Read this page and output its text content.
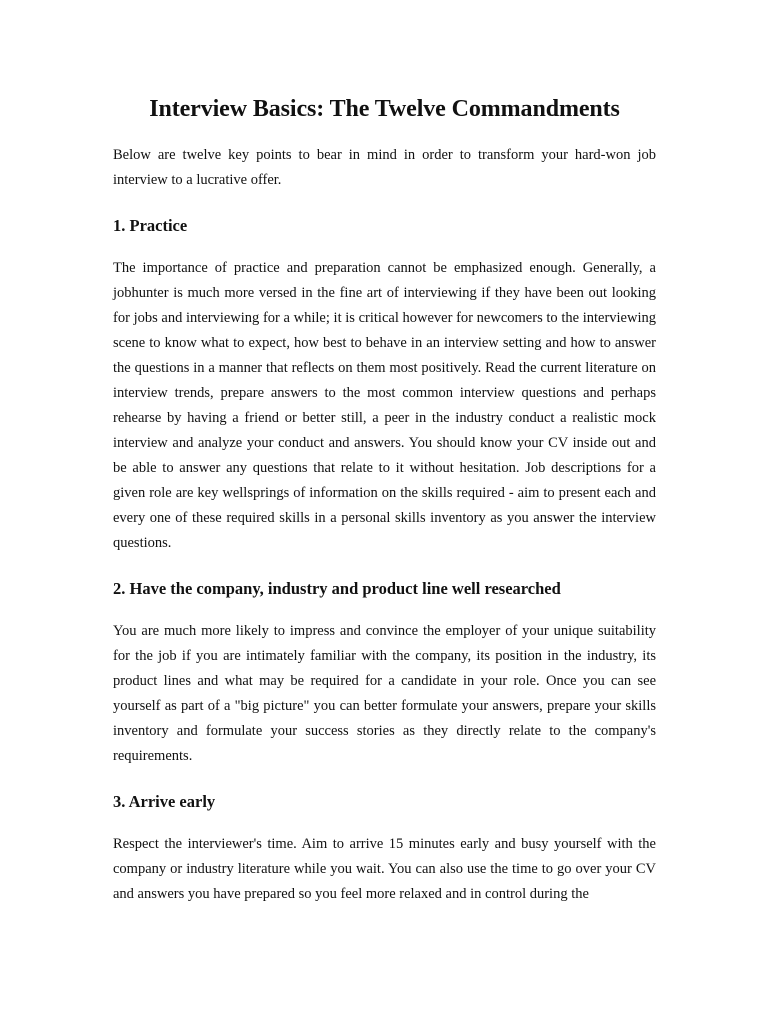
Interview Basics: The Twelve Commandments

Below are twelve key points to bear in mind in order to transform your hard-won job interview to a lucrative offer.

1. Practice

The importance of practice and preparation cannot be emphasized enough. Generally, a jobhunter is much more versed in the fine art of interviewing if they have been out looking for jobs and interviewing for a while; it is critical however for newcomers to the interviewing scene to know what to expect, how best to behave in an interview setting and how to answer the questions in a manner that reflects on them most positively. Read the current literature on interview trends, prepare answers to the most common interview questions and perhaps rehearse by having a friend or better still, a peer in the industry conduct a realistic mock interview and analyze your conduct and answers. You should know your CV inside out and be able to answer any questions that relate to it without hesitation. Job descriptions for a given role are key wellsprings of information on the skills required - aim to present each and every one of these required skills in a personal skills inventory as you answer the interview questions.

2. Have the company, industry and product line well researched

You are much more likely to impress and convince the employer of your unique suitability for the job if you are intimately familiar with the company, its position in the industry, its product lines and what may be required for a candidate in your role. Once you can see yourself as part of a "big picture" you can better formulate your answers, prepare your skills inventory and formulate your success stories as they directly relate to the company's requirements.

3. Arrive early

Respect the interviewer's time. Aim to arrive 15 minutes early and busy yourself with the company or industry literature while you wait. You can also use the time to go over your CV and answers you have prepared so you feel more relaxed and in control during the
